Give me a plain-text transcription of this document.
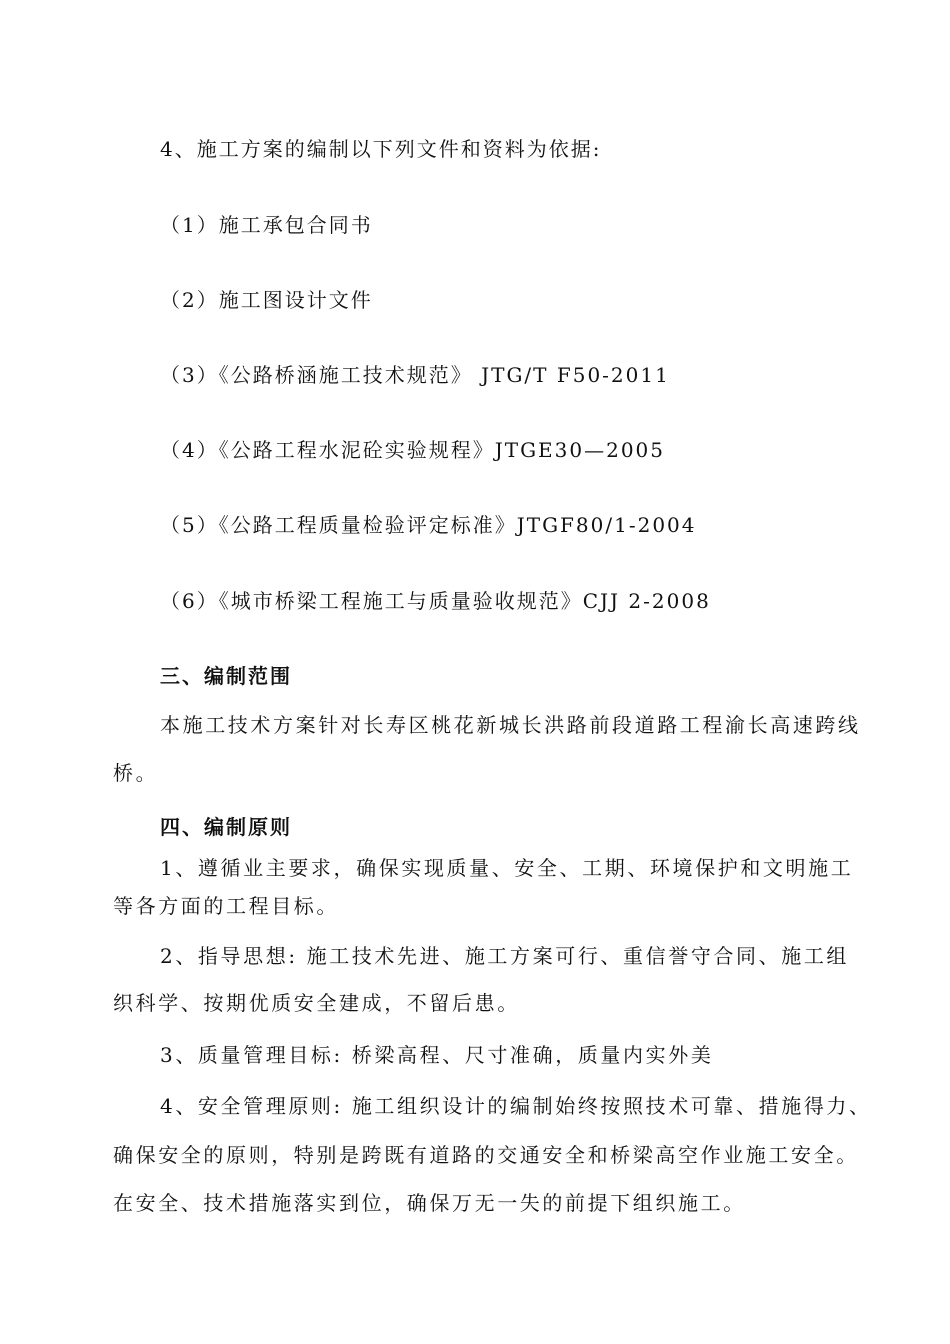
4、施工方案的编制以下列文件和资料为依据:

（1）施工承包合同书

（2）施工图设计文件

（3）《公路桥涵施工技术规范》 JTG/T F50-2011

（4）《公路工程水泥砼实验规程》JTGE30—2005

（5）《公路工程质量检验评定标准》JTGF80/1-2004

（6）《城市桥梁工程施工与质量验收规范》CJJ 2-2008

三、编制范围

本施工技术方案针对长寿区桃花新城长洪路前段道路工程渝长高速跨线

桥。

四、编制原则

1、遵循业主要求，确保实现质量、安全、工期、环境保护和文明施工

等各方面的工程目标。

2、指导思想: 施工技术先进、施工方案可行、重信誉守合同、施工组

织科学、按期优质安全建成，不留后患。

3、质量管理目标: 桥梁高程、尺寸准确，质量内实外美

4、安全管理原则: 施工组织设计的编制始终按照技术可靠、措施得力、

确保安全的原则，特别是跨既有道路的交通安全和桥梁高空作业施工安全。

在安全、技术措施落实到位，确保万无一失的前提下组织施工。
